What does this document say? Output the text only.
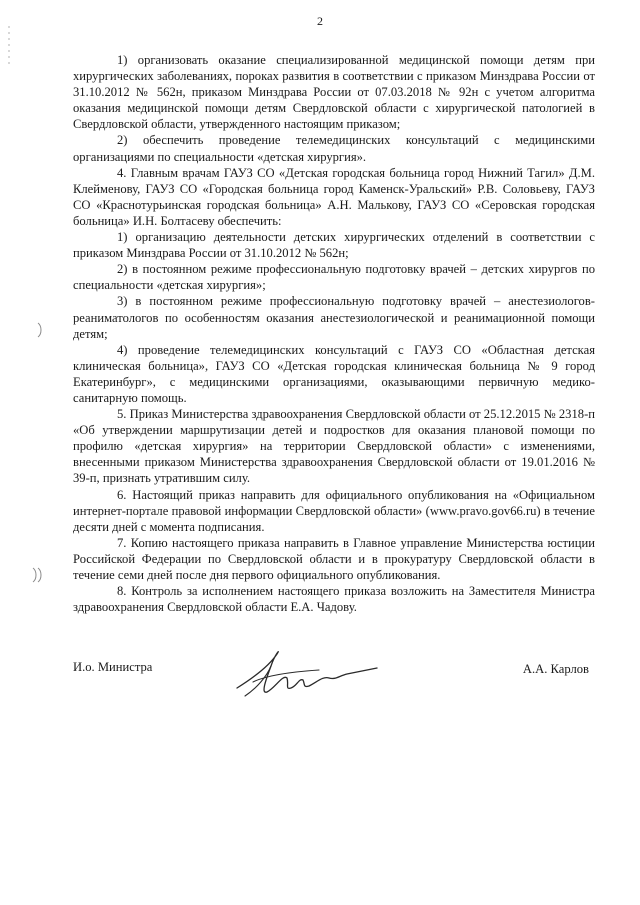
2

1) организовать оказание специализированной медицинской помощи детям при хирургических заболеваниях, пороках развития в соответствии с приказом Минздрава России от 31.10.2012 № 562н, приказом Минздрава России от 07.03.2018 № 92н с учетом алгоритма оказания медицинской помощи детям Свердловской области с хирургической патологией в Свердловской области, утвержденного настоящим приказом;

2) обеспечить проведение телемедицинских консультаций с медицинскими организациями по специальности «детская хирургия».

4. Главным врачам ГАУЗ СО «Детская городская больница город Нижний Тагил» Д.М. Клейменову, ГАУЗ СО «Городская больница город Каменск-Уральский» Р.В. Соловьеву, ГАУЗ СО «Краснотурьинская городская больница» А.Н. Малькову, ГАУЗ СО «Серовская городская больница» И.Н. Болтасеву обеспечить:

1) организацию деятельности детских хирургических отделений в соответствии с приказом Минздрава России от 31.10.2012 № 562н;

2) в постоянном режиме профессиональную подготовку врачей – детских хирургов по специальности «детская хирургия»;

3) в постоянном режиме профессиональную подготовку врачей – анестезиологов-реаниматологов по особенностям оказания анестезиологической и реанимационной помощи детям;

4) проведение телемедицинских консультаций с ГАУЗ СО «Областная детская клиническая больница», ГАУЗ СО «Детская городская клиническая больница № 9 город Екатеринбург», с медицинскими организациями, оказывающими первичную медико-санитарную помощь.

5. Приказ Министерства здравоохранения Свердловской области от 25.12.2015 № 2318-п «Об утверждении маршрутизации детей и подростков для оказания плановой помощи по профилю «детская хирургия» на территории Свердловской области» с изменениями, внесенными приказом Министерства здравоохранения Свердловской области от 19.01.2016 № 39-п, признать утратившим силу.

6. Настоящий приказ направить для официального опубликования на «Официальном интернет-портале правовой информации Свердловской области» (www.pravo.gov66.ru) в течение десяти дней с момента подписания.

7. Копию настоящего приказа направить в Главное управление Министерства юстиции Российской Федерации по Свердловской области и в прокуратуру Свердловской области в течение семи дней после дня первого официального опубликования.

8. Контроль за исполнением настоящего приказа возложить на Заместителя Министра здравоохранения Свердловской области Е.А. Чадову.

И.о. Министра	А.А. Карлов
